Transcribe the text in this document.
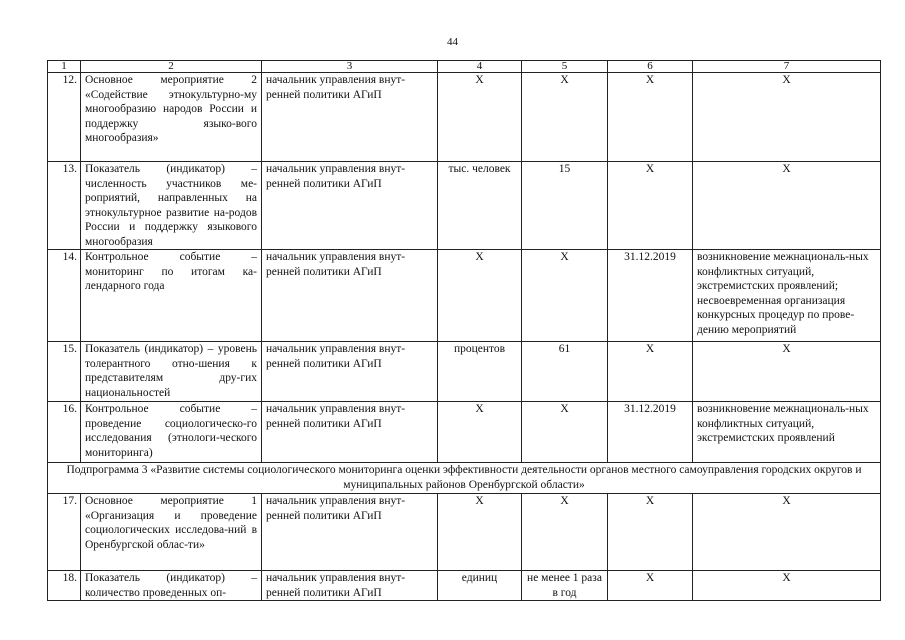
44
1	2	3	4	5	6	7
12.	Основное мероприятие 2 «Содействие этнокультурно-му многообразию народов России и поддержку языко-вого многообразия»	начальник управления внут-ренней политики АГиП	Х	Х	Х	Х
13.	Показатель (индикатор) – численность участников ме-роприятий, направленных на этнокультурное развитие на-родов России и поддержку языкового многообразия	начальник управления внут-ренней политики АГиП	тыс. человек	15	Х	Х
14.	Контрольное событие – мониторинг по итогам ка-лендарного года	начальник управления внут-ренней политики АГиП	Х	Х	31.12.2019	возникновение межнациональ-ных конфликтных ситуаций, экстремистских проявлений; несвоевременная организация конкурсных процедур по прове-дению мероприятий
15.	Показатель (индикатор) – уровень толерантного отно-шения к представителям дру-гих национальностей	начальник управления внут-ренней политики АГиП	процентов	61	Х	Х
16.	Контрольное событие – проведение социологическо-го исследования (этнологи-ческого мониторинга)	начальник управления внут-ренней политики АГиП	Х	Х	31.12.2019	возникновение межнациональ-ных конфликтных ситуаций, экстремистских проявлений
Подпрограмма 3 «Развитие системы социологического мониторинга оценки эффективности деятельности органов местного самоуправления городских округов и муниципальных районов Оренбургской области»						
17.	Основное мероприятие 1 «Организация и проведение социологических исследова-ний в Оренбургской облас-ти»	начальник управления внут-ренней политики АГиП	Х	Х	Х	Х
18.	Показатель (индикатор) – количество проведенных оп-	начальник управления внут-ренней политики АГиП	единиц	не менее 1 раза в год	Х	Х
